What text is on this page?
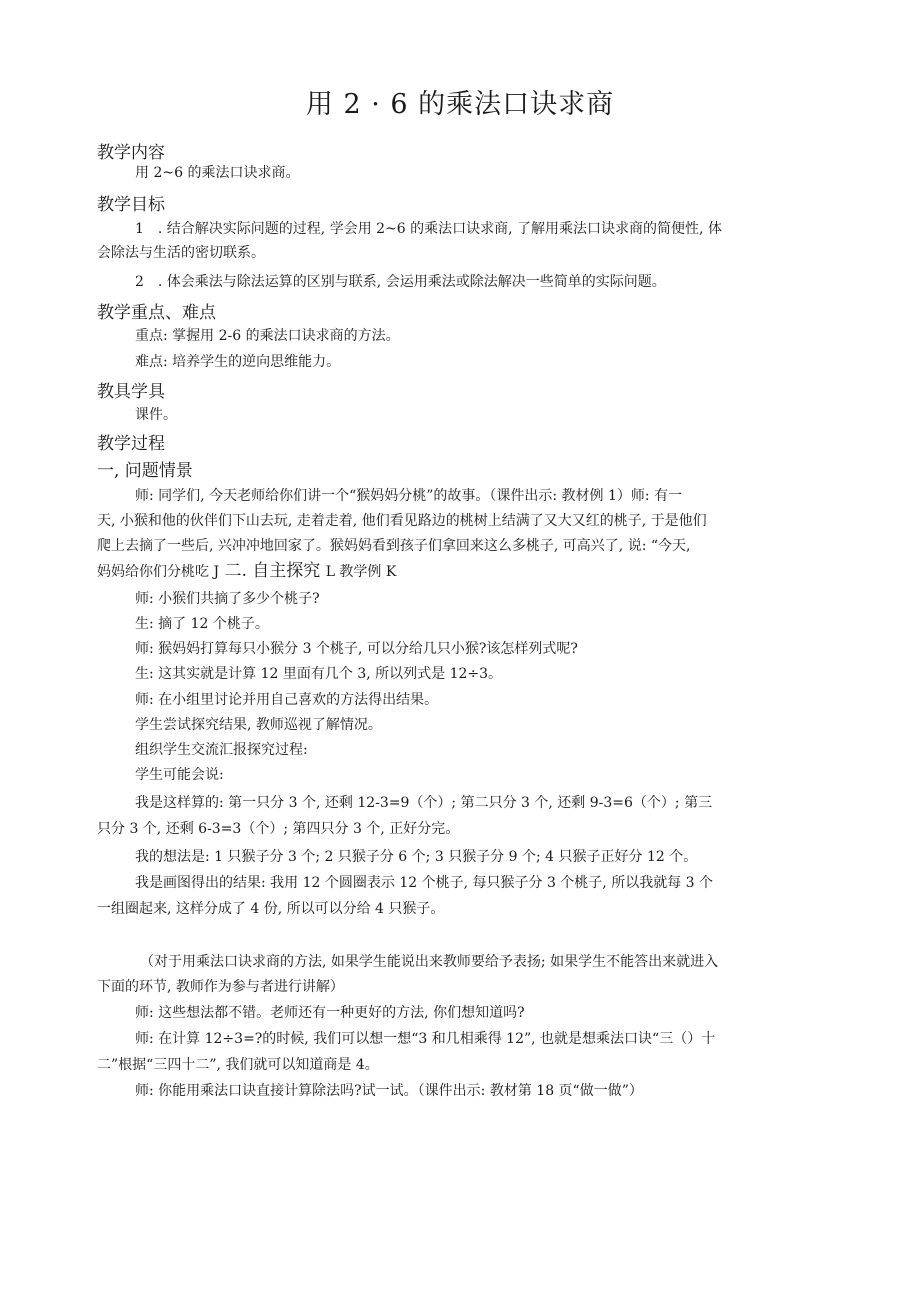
用 2 · 6 的乘法口诀求商
教学内容
用 2~6 的乘法口诀求商。
教学目标
1　. 结合解决实际问题的过程, 学会用 2~6 的乘法口诀求商, 了解用乘法口诀求商的简便性, 体
会除法与生活的密切联系。
2　. 体会乘法与除法运算的区别与联系, 会运用乘法或除法解决一些简单的实际问题。
教学重点、难点
重点: 掌握用 2-6 的乘法口诀求商的方法。
难点: 培养学生的逆向思维能力。
教具学具
课件。
教学过程
一, 问题情景
师: 同学们, 今天老师给你们讲一个“猴妈妈分桃”的故事。（课件出示: 教材例 1）师: 有一
天, 小猴和他的伙伴们下山去玩, 走着走着, 他们看见路边的桃树上结满了又大又红的桃子, 于是他们
爬上去摘了一些后, 兴冲冲地回家了。猴妈妈看到孩子们拿回来这么多桃子, 可高兴了, 说: “今天,
妈妈给你们分桃吃 J 二. 自主探究 L 教学例 K
师: 小猴们共摘了多少个桃子?
生: 摘了 12 个桃子。
师: 猴妈妈打算每只小猴分 3 个桃子, 可以分给几只小猴?该怎样列式呢?
生: 这其实就是计算 12 里面有几个 3, 所以列式是 12÷3。
师: 在小组里讨论并用自己喜欢的方法得出结果。
学生尝试探究结果, 教师巡视了解情况。
组织学生交流汇报探究过程:
学生可能会说:
我是这样算的: 第一只分 3 个, 还剩 12-3=9（个）; 第二只分 3 个, 还剩 9-3=6（个）; 第三
只分 3 个, 还剩 6-3=3（个）; 第四只分 3 个, 正好分完。
我的想法是: 1 只猴子分 3 个; 2 只猴子分 6 个; 3 只猴子分 9 个; 4 只猴子正好分 12 个。
我是画图得出的结果: 我用 12 个圆圈表示 12 个桃子, 每只猴子分 3 个桃子, 所以我就每 3 个
一组圈起来, 这样分成了 4 份, 所以可以分给 4 只猴子。
（对于用乘法口诀求商的方法, 如果学生能说出来教师要给予表扬; 如果学生不能答出来就进入
下面的环节, 教师作为参与者进行讲解）
师: 这些想法都不错。老师还有一种更好的方法, 你们想知道吗?
师: 在计算 12÷3=?的时候, 我们可以想一想“3 和几相乘得 12”, 也就是想乘法口诀“三（）十
二”根据“三四十二”, 我们就可以知道商是 4。
师: 你能用乘法口诀直接计算除法吗?试一试。（课件出示: 教材第 18 页“做一做”）
